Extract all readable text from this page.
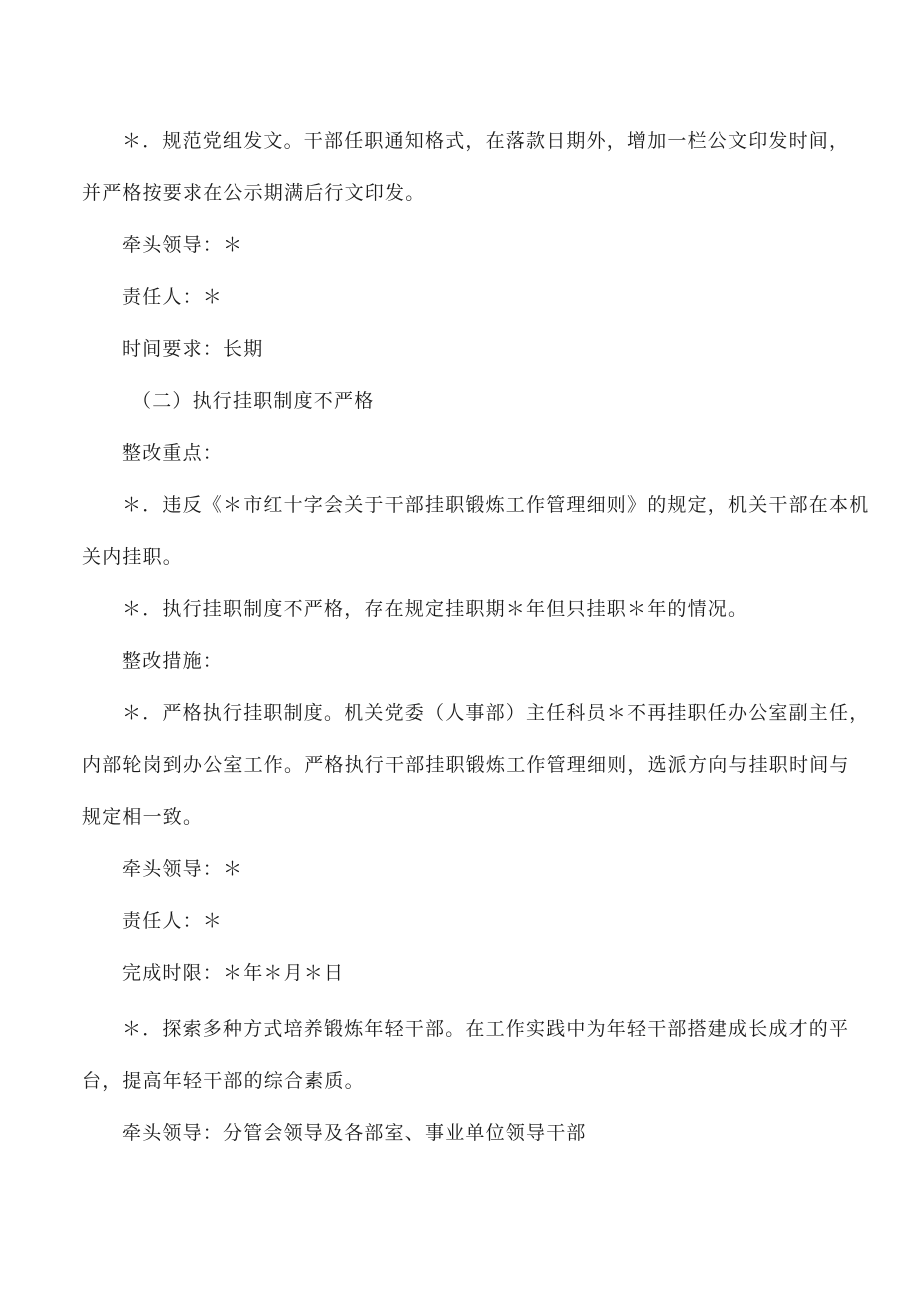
＊．规范党组发文。干部任职通知格式，在落款日期外，增加一栏公文印发时间，

并严格按要求在公示期满后行文印发。

牵头领导：＊

责任人：＊

时间要求：长期

（二）执行挂职制度不严格

整改重点：

＊．违反《＊市红十字会关于干部挂职锻炼工作管理细则》的规定，机关干部在本机

关内挂职。

＊．执行挂职制度不严格，存在规定挂职期＊年但只挂职＊年的情况。

整改措施：

＊．严格执行挂职制度。机关党委（人事部）主任科员＊不再挂职任办公室副主任，

内部轮岗到办公室工作。严格执行干部挂职锻炼工作管理细则，选派方向与挂职时间与

规定相一致。

牵头领导：＊

责任人：＊

完成时限：＊年＊月＊日

＊．探索多种方式培养锻炼年轻干部。在工作实践中为年轻干部搭建成长成才的平

台，提高年轻干部的综合素质。

牵头领导：分管会领导及各部室、事业单位领导干部
